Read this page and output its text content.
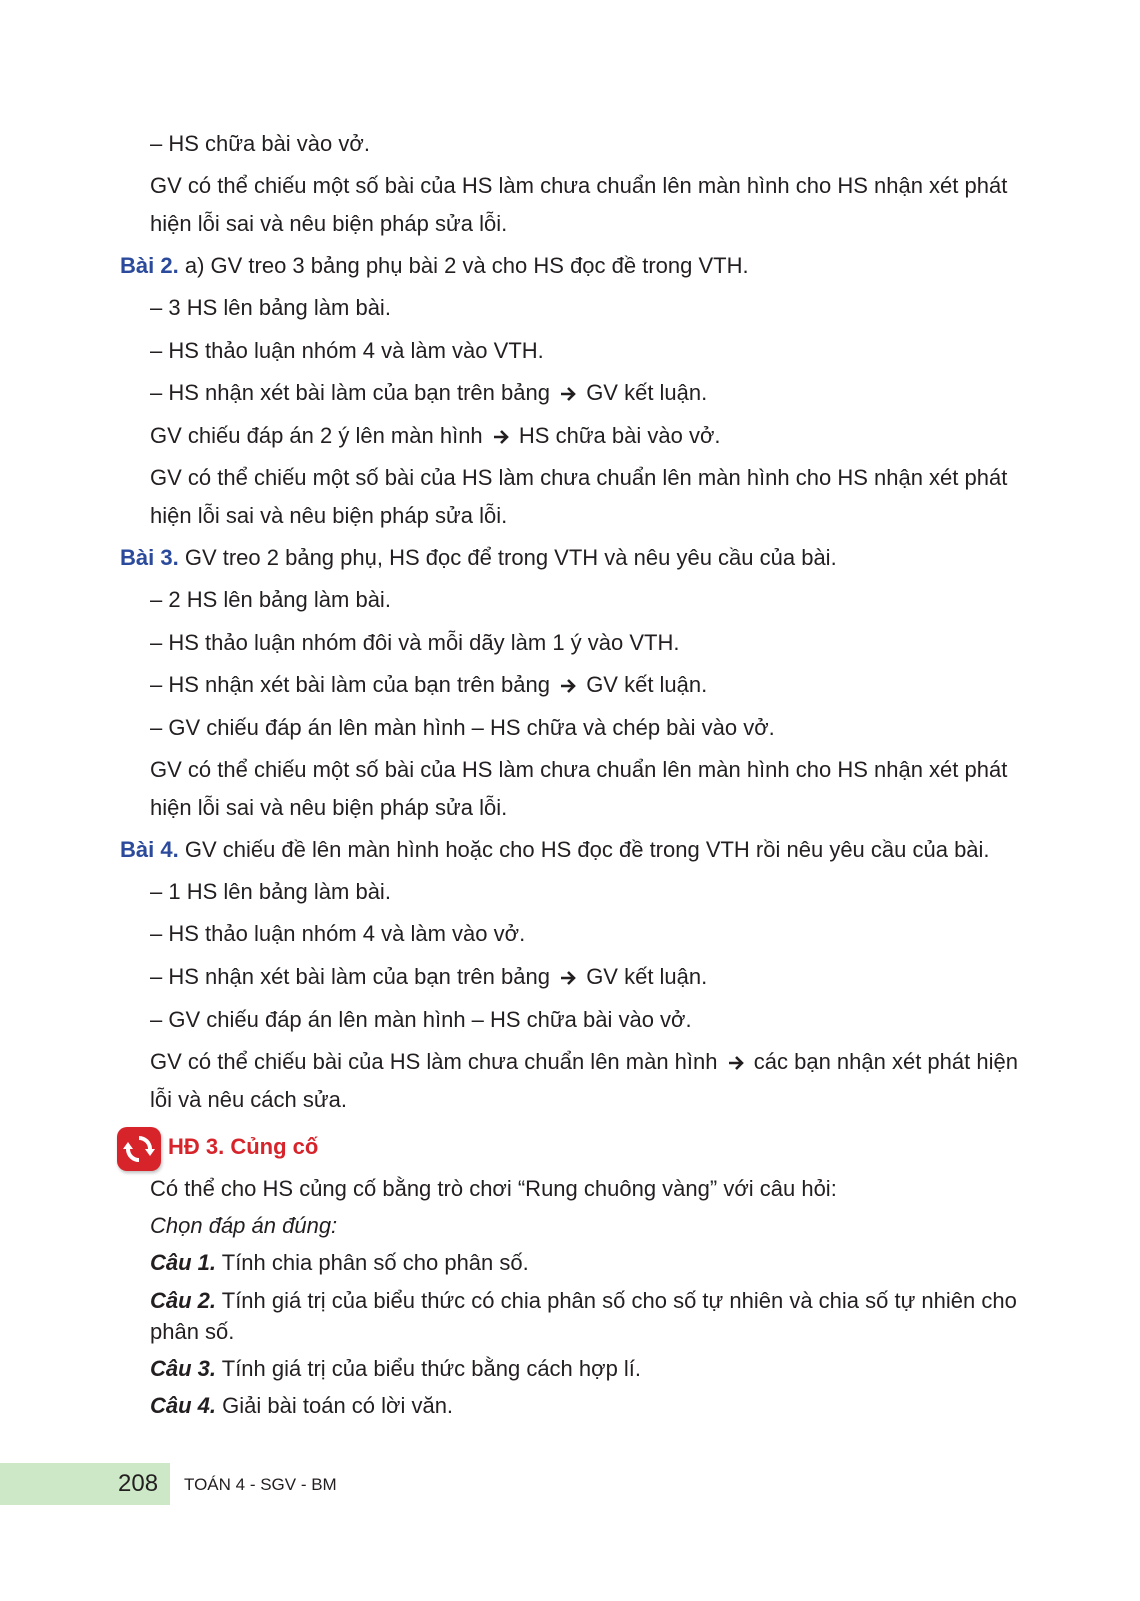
– HS chữa bài vào vở.
GV có thể chiếu một số bài của HS làm chưa chuẩn lên màn hình cho HS nhận xét phát
hiện lỗi sai và nêu biện pháp sửa lỗi.
Bài 2. a) GV treo 3 bảng phụ bài 2 và cho HS đọc đề trong VTH.
– 3 HS lên bảng làm bài.
– HS thảo luận nhóm 4 và làm vào VTH.
– HS nhận xét bài làm của bạn trên bảng GV kết luận.
GV chiếu đáp án 2 ý lên màn hình HS chữa bài vào vở.
GV có thể chiếu một số bài của HS làm chưa chuẩn lên màn hình cho HS nhận xét phát
hiện lỗi sai và nêu biện pháp sửa lỗi.
Bài 3. GV treo 2 bảng phụ, HS đọc để trong VTH và nêu yêu cầu của bài.
– 2 HS lên bảng làm bài.
– HS thảo luận nhóm đôi và mỗi dãy làm 1 ý vào VTH.
– HS nhận xét bài làm của bạn trên bảng GV kết luận.
– GV chiếu đáp án lên màn hình – HS chữa và chép bài vào vở.
GV có thể chiếu một số bài của HS làm chưa chuẩn lên màn hình cho HS nhận xét phát
hiện lỗi sai và nêu biện pháp sửa lỗi.
Bài 4. GV chiếu đề lên màn hình hoặc cho HS đọc đề trong VTH rồi nêu yêu cầu của bài.
– 1 HS lên bảng làm bài.
– HS thảo luận nhóm 4 và làm vào vở.
– HS nhận xét bài làm của bạn trên bảng GV kết luận.
– GV chiếu đáp án lên màn hình – HS chữa bài vào vở.
GV có thể chiếu bài của HS làm chưa chuẩn lên màn hình các bạn nhận xét phát hiện
lỗi và nêu cách sửa.
HĐ 3. Củng cố
Có thể cho HS củng cố bằng trò chơi “Rung chuông vàng” với câu hỏi:
Chọn đáp án đúng:
Câu 1. Tính chia phân số cho phân số.
Câu 2. Tính giá trị của biểu thức có chia phân số cho số tự nhiên và chia số tự nhiên cho
phân số.
Câu 3. Tính giá trị của biểu thức bằng cách hợp lí.
Câu 4. Giải bài toán có lời văn.
208 TOÁN 4 - SGV - BM
